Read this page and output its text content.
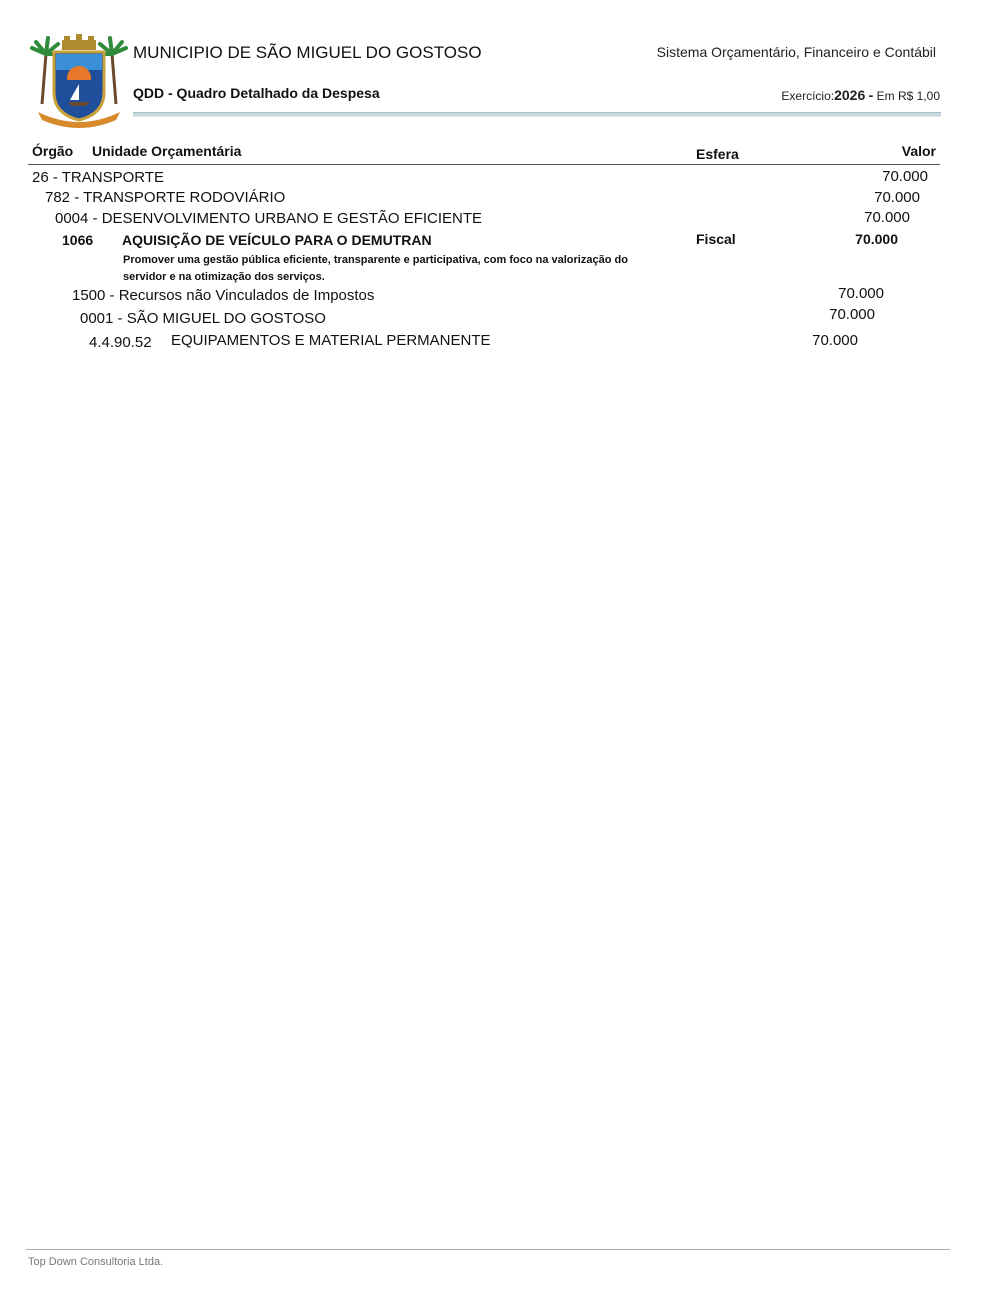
MUNICIPIO DE SÃO MIGUEL DO GOSTOSO	Sistema Orçamentário, Financeiro e Contábil
QDD - Quadro Detalhado da Despesa	Exercício:2026 - Em R$ 1,00
Órgão Unidade Orçamentária	Esfera	Valor
26 - TRANSPORTE	70.000
782 - TRANSPORTE RODOVIÁRIO	70.000
0004 - DESENVOLVIMENTO URBANO E GESTÃO EFICIENTE	70.000
1066 AQUISIÇÃO DE VEÍCULO PARA O DEMUTRAN	Fiscal	70.000
Promover uma gestão pública eficiente, transparente e participativa, com foco na valorização do servidor e na otimização dos serviços.
1500 - Recursos não Vinculados de Impostos	70.000
0001 - SÃO MIGUEL DO GOSTOSO	70.000
4.4.90.52 EQUIPAMENTOS E MATERIAL PERMANENTE	70.000
Top Down Consultoria Ltda.
